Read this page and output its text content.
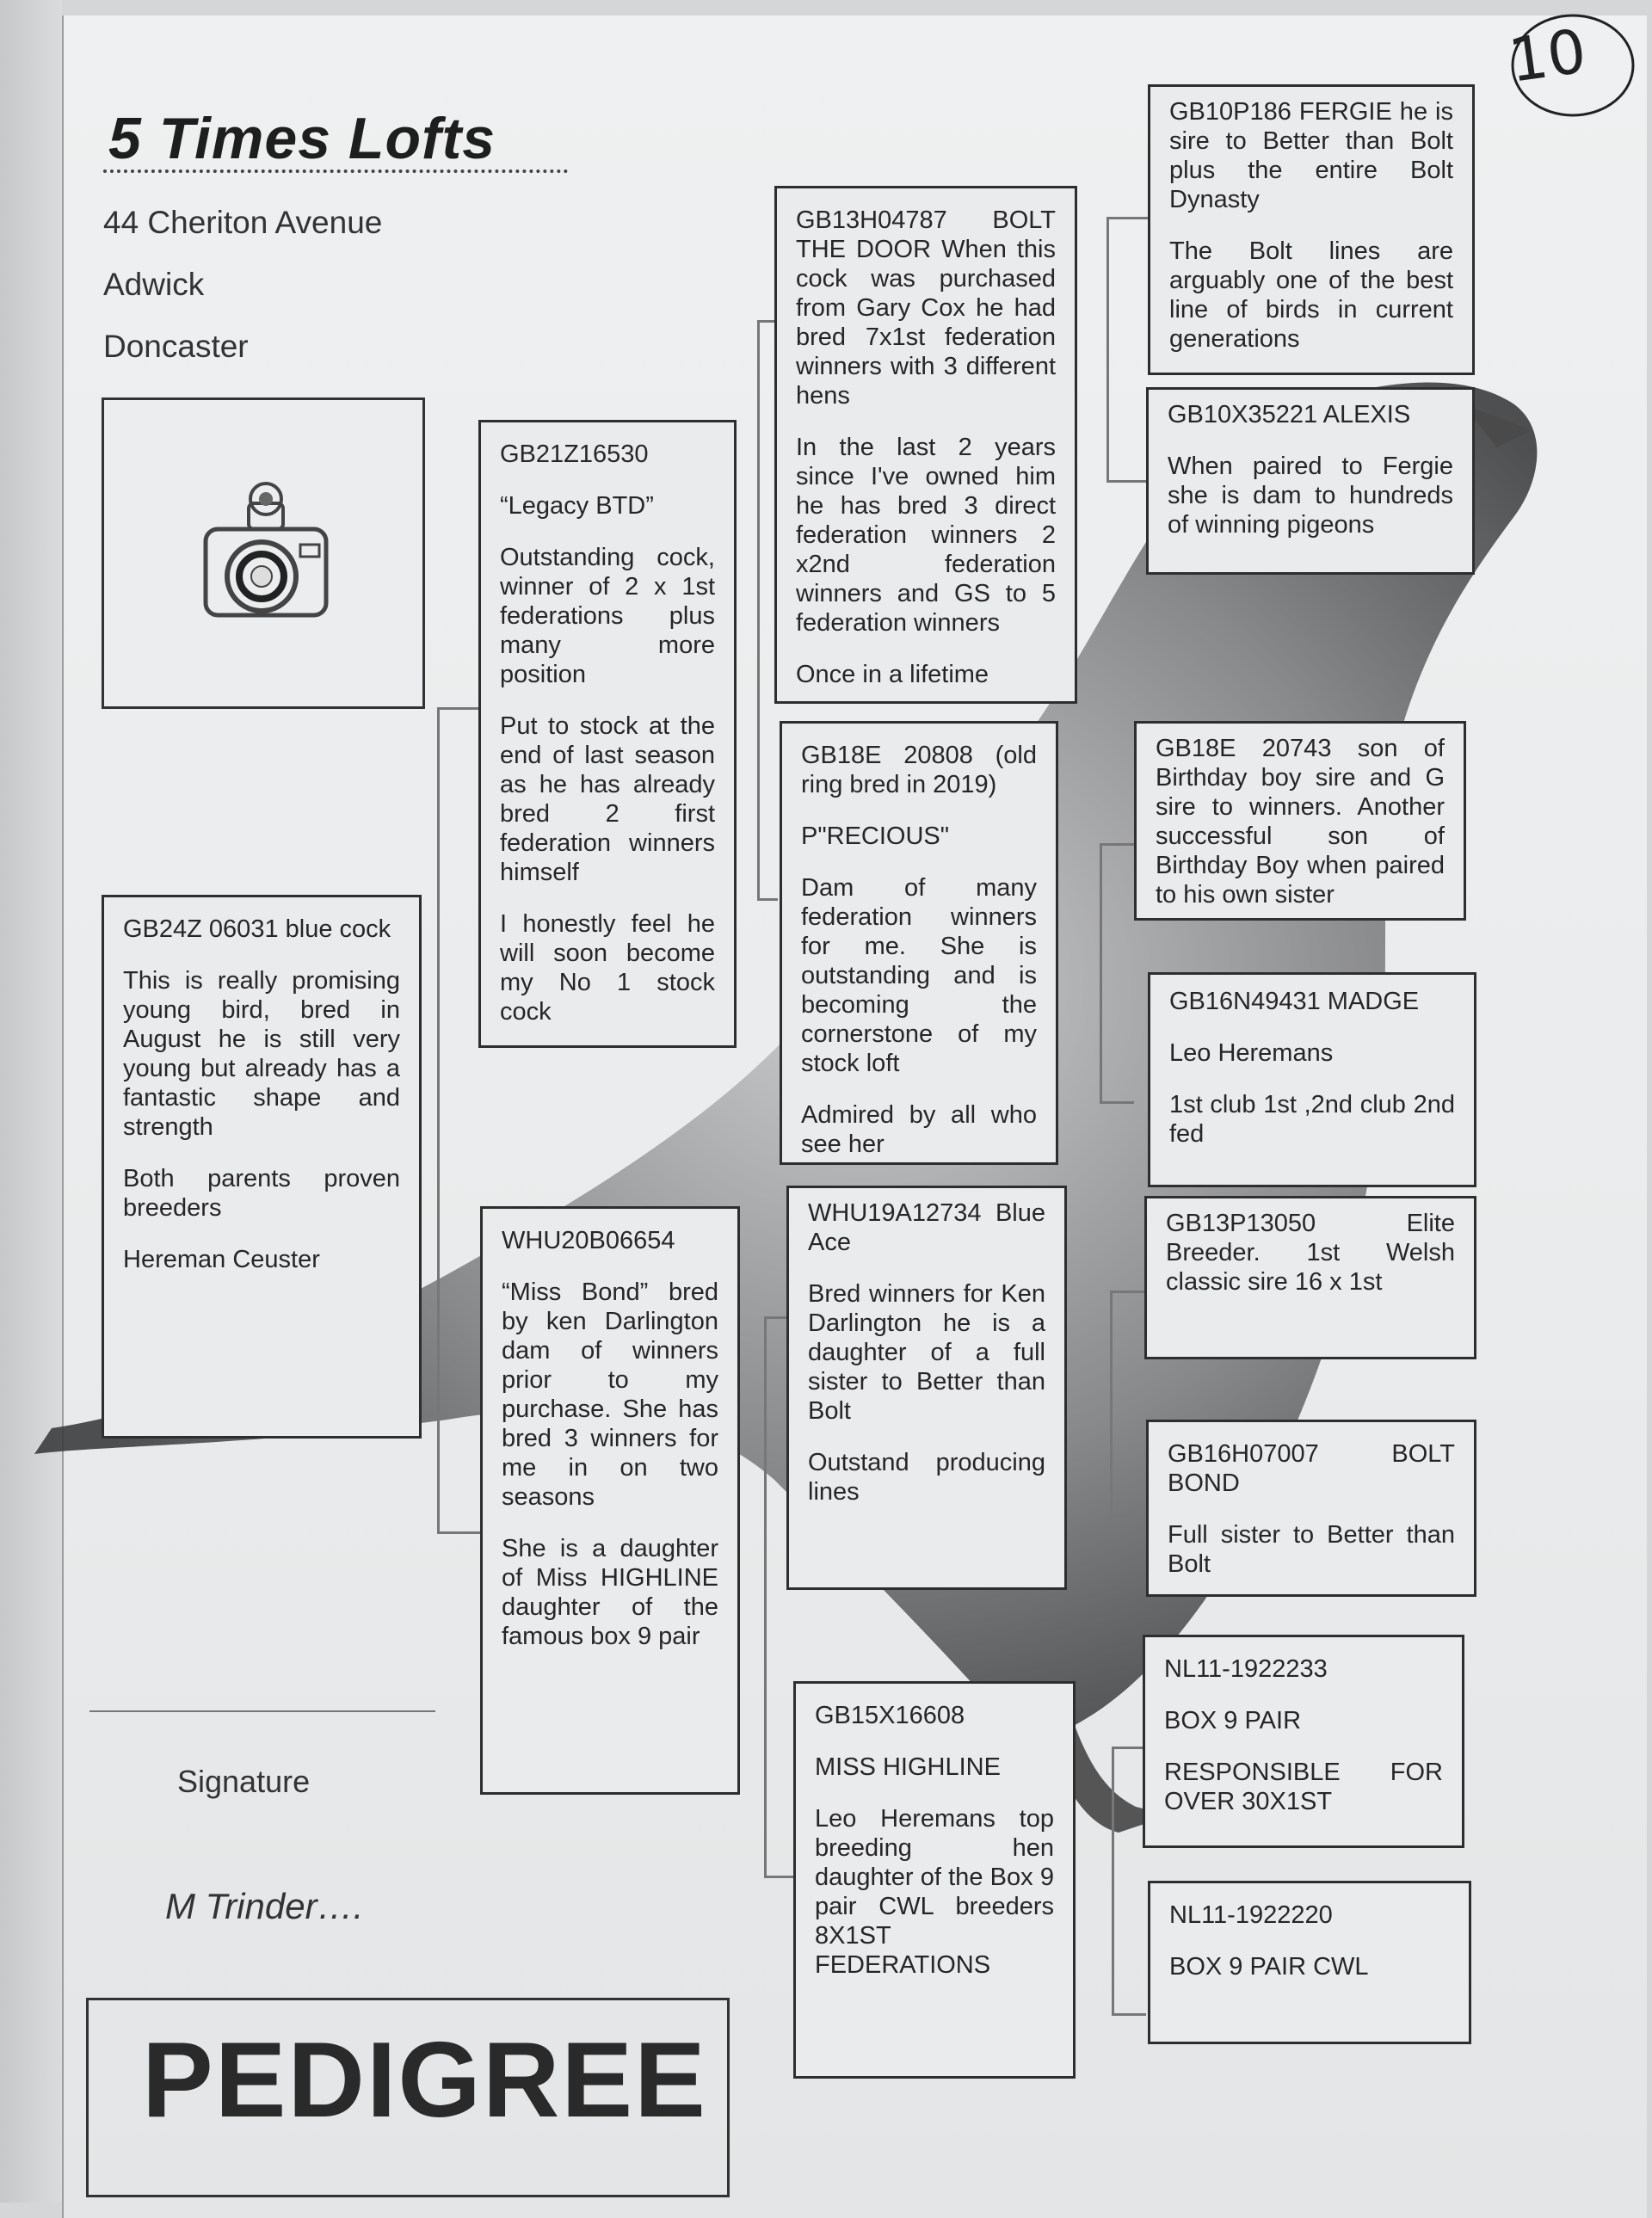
10
5 Times Lofts
44 Cheriton Avenue
Adwick
Doncaster

GB24Z 06031 blue cock

This is really promising young bird, bred in August he is still very young but already has a fantastic shape and strength

Both parents proven breeders

Hereman Ceuster

GB21Z16530

“Legacy BTD”

Outstanding cock, winner of 2 x 1st federations plus many more position

Put to stock at the end of last season as he has already bred 2 first federation winners himself

I honestly feel he will soon become my No 1 stock cock

WHU20B06654

“Miss Bond” bred by ken Darlington dam of winners prior to my purchase. She has bred 3 winners for me in on two seasons

She is a daughter of Miss HIGHLINE daughter of the famous box 9 pair

GB13H04787 BOLT THE DOOR When this cock was purchased from Gary Cox he had bred 7x1st federation winners with 3 different hens

In the last 2 years since I've owned him he has bred 3 direct federation winners 2 x2nd federation winners and GS to 5 federation winners

Once in a lifetime

GB18E 20808 (old ring bred in 2019)

P"RECIOUS"

Dam of many federation winners for me. She is outstanding and is becoming the cornerstone of my stock loft

Admired by all who see her

WHU19A12734 Blue Ace

Bred winners for Ken Darlington he is a daughter of a full sister to Better than Bolt

Outstand producing lines

GB15X16608

MISS HIGHLINE

Leo Heremans top breeding hen daughter of the Box 9 pair CWL breeders 8X1ST FEDERATIONS

GB10P186 FERGIE he is sire to Better than Bolt plus the entire Bolt Dynasty

The Bolt lines are arguably one of the best line of birds in current generations

GB10X35221 ALEXIS

When paired to Fergie she is dam to hundreds of winning pigeons

GB18E 20743 son of Birthday boy sire and G sire to winners. Another successful son of Birthday Boy when paired to his own sister

GB16N49431 MADGE

Leo Heremans

1st club 1st ,2nd club 2nd fed

GB13P13050 Elite Breeder. 1st Welsh classic sire 16 x 1st

GB16H07007 BOLT BOND

Full sister to Better than Bolt

NL11-1922233

BOX 9 PAIR

RESPONSIBLE FOR OVER 30X1ST

NL11-1922220

BOX 9 PAIR CWL

Signature
M Trinder….
PEDIGREE
